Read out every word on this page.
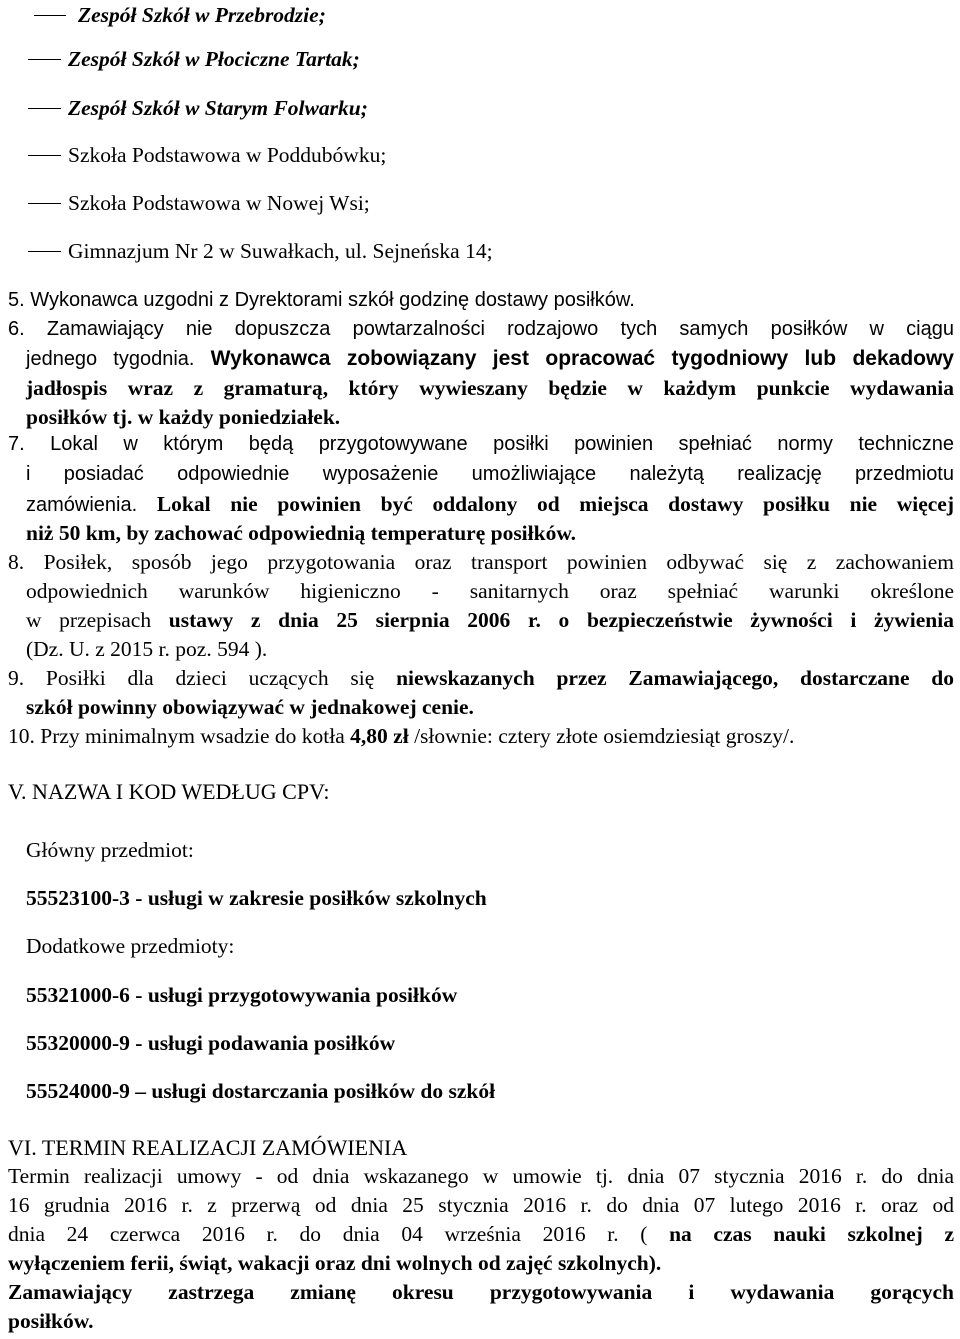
Zespół Szkół w Przebrodzie;
Zespół Szkół w Płociczne Tartak;
Zespół Szkół w Starym Folwarku;
Szkoła Podstawowa w Poddubówku;
Szkoła Podstawowa w Nowej Wsi;
Gimnazjum Nr 2 w Suwałkach, ul. Sejneńska 14;
5. Wykonawca uzgodni z Dyrektorami szkół godzinę dostawy posiłków.
6. Zamawiający nie dopuszcza powtarzalności rodzajowo tych samych posiłków w ciągu
jednego tygodnia. Wykonawca zobowiązany jest opracować tygodniowy lub dekadowy
jadłospis wraz z gramaturą, który wywieszany będzie w każdym punkcie wydawania
posiłków tj. w każdy poniedziałek.
7. Lokal w którym będą przygotowywane posiłki powinien spełniać normy techniczne
i posiadać odpowiednie wyposażenie umożliwiające należytą realizację przedmiotu
zamówienia. Lokal nie powinien być oddalony od miejsca dostawy posiłku nie więcej
niż 50 km, by zachować odpowiednią temperaturę posiłków.
8. Posiłek, sposób jego przygotowania oraz transport powinien odbywać się z zachowaniem
odpowiednich warunków higieniczno - sanitarnych oraz spełniać warunki określone
w przepisach ustawy z dnia 25 sierpnia 2006 r. o bezpieczeństwie żywności i żywienia
(Dz. U. z 2015 r. poz. 594 ).
9. Posiłki dla dzieci uczących się niewskazanych przez Zamawiającego, dostarczane do
szkół powinny obowiązywać w jednakowej cenie.
10. Przy minimalnym wsadzie do kotła 4,80 zł /słownie: cztery złote osiemdziesiąt groszy/.
V. NAZWA I KOD WEDŁUG CPV:
Główny przedmiot:
55523100-3 - usługi w zakresie posiłków szkolnych
Dodatkowe przedmioty:
55321000-6 - usługi przygotowywania posiłków
55320000-9 - usługi podawania posiłków
55524000-9 – usługi dostarczania posiłków do szkół
VI. TERMIN REALIZACJI ZAMÓWIENIA
Termin realizacji umowy - od dnia wskazanego w umowie tj. dnia 07 stycznia 2016 r. do dnia
16 grudnia 2016 r. z przerwą od dnia 25 stycznia 2016 r. do dnia 07 lutego 2016 r. oraz od
dnia 24 czerwca 2016 r. do dnia 04 września 2016 r. ( na czas nauki szkolnej z
wyłączeniem ferii, świąt, wakacji oraz dni wolnych od zajęć szkolnych).
Zamawiający zastrzega zmianę okresu przygotowywania i wydawania gorących
posiłków.
